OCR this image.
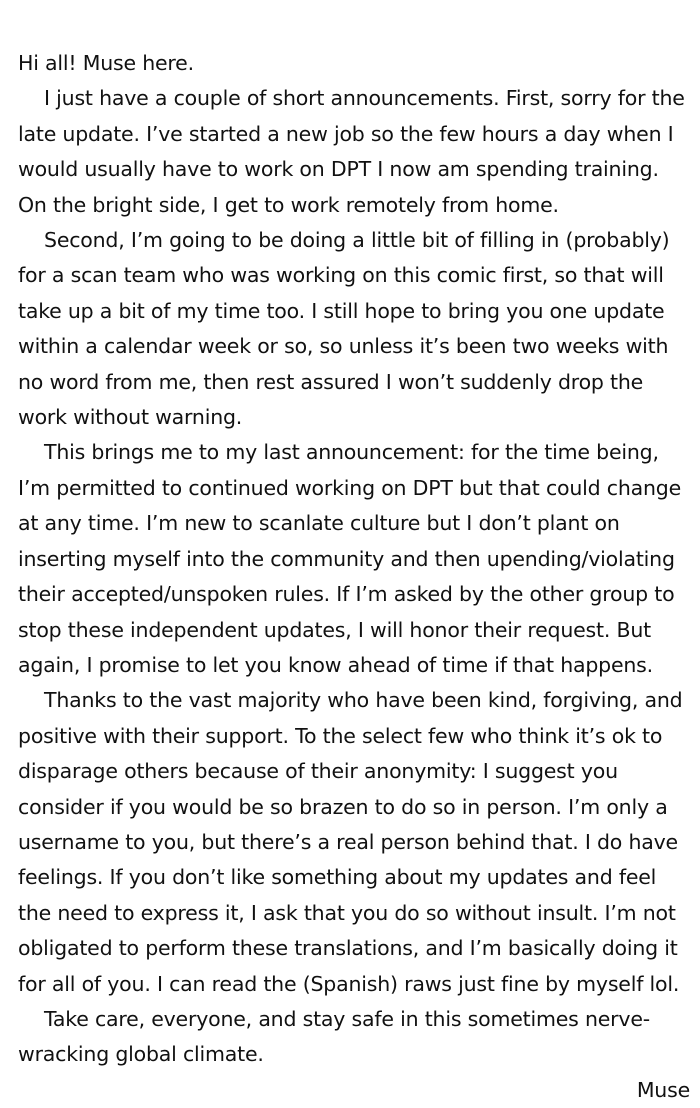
Hi all! Muse here.

I just have a couple of short announcements. First, sorry for the late update. I’ve started a new job so the few hours a day when I would usually have to work on DPT I now am spending training. On the bright side, I get to work remotely from home.

Second, I’m going to be doing a little bit of filling in (probably) for a scan team who was working on this comic first, so that will take up a bit of my time too. I still hope to bring you one update within a calendar week or so, so unless it’s been two weeks with no word from me, then rest assured I won’t suddenly drop the work without warning.

This brings me to my last announcement: for the time being, I’m permitted to continued working on DPT but that could change at any time. I’m new to scanlate culture but I don’t plant on inserting myself into the community and then upending/violating their accepted/unspoken rules. If I’m asked by the other group to stop these independent updates, I will honor their request. But again, I promise to let you know ahead of time if that happens.

Thanks to the vast majority who have been kind, forgiving, and positive with their support. To the select few who think it’s ok to disparage others because of their anonymity: I suggest you consider if you would be so brazen to do so in person. I’m only a username to you, but there’s a real person behind that. I do have feelings. If you don’t like something about my updates and feel the need to express it, I ask that you do so without insult. I’m not obligated to perform these translations, and I’m basically doing it for all of you. I can read the (Spanish) raws just fine by myself lol.

Take care, everyone, and stay safe in this sometimes nerve-wracking global climate.

Muse
